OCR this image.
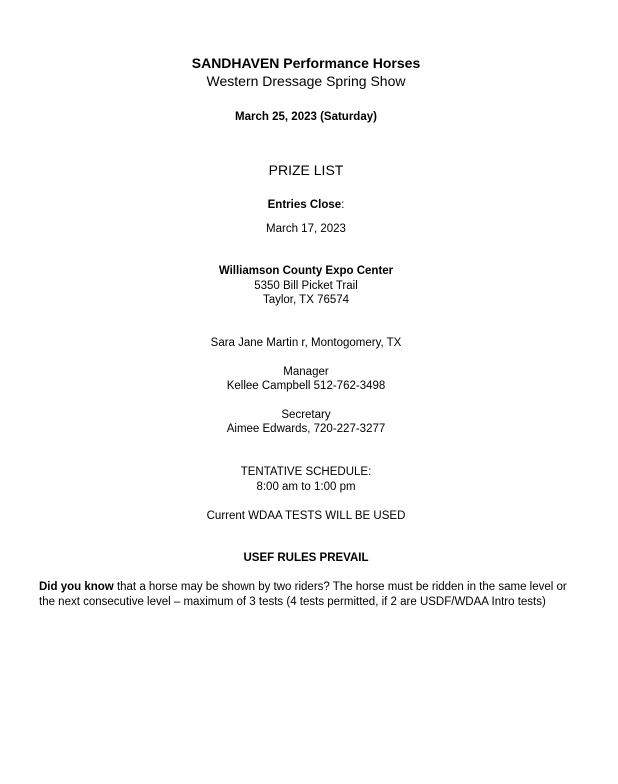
SANDHAVEN Performance Horses
Western Dressage Spring Show
March 25, 2023 (Saturday)
PRIZE LIST
Entries Close:
March 17, 2023
Williamson County Expo Center
5350 Bill Picket Trail
Taylor, TX 76574
Sara Jane Martin r, Montogomery, TX
Manager
Kellee Campbell 512-762-3498
Secretary
Aimee Edwards, 720-227-3277
TENTATIVE SCHEDULE:
8:00 am to 1:00 pm
Current WDAA TESTS WILL BE USED
USEF RULES PREVAIL
Did you know that a horse may be shown by two riders? The horse must be ridden in the same level or the next consecutive level – maximum of 3 tests (4 tests permitted, if 2 are USDF/WDAA Intro tests)
